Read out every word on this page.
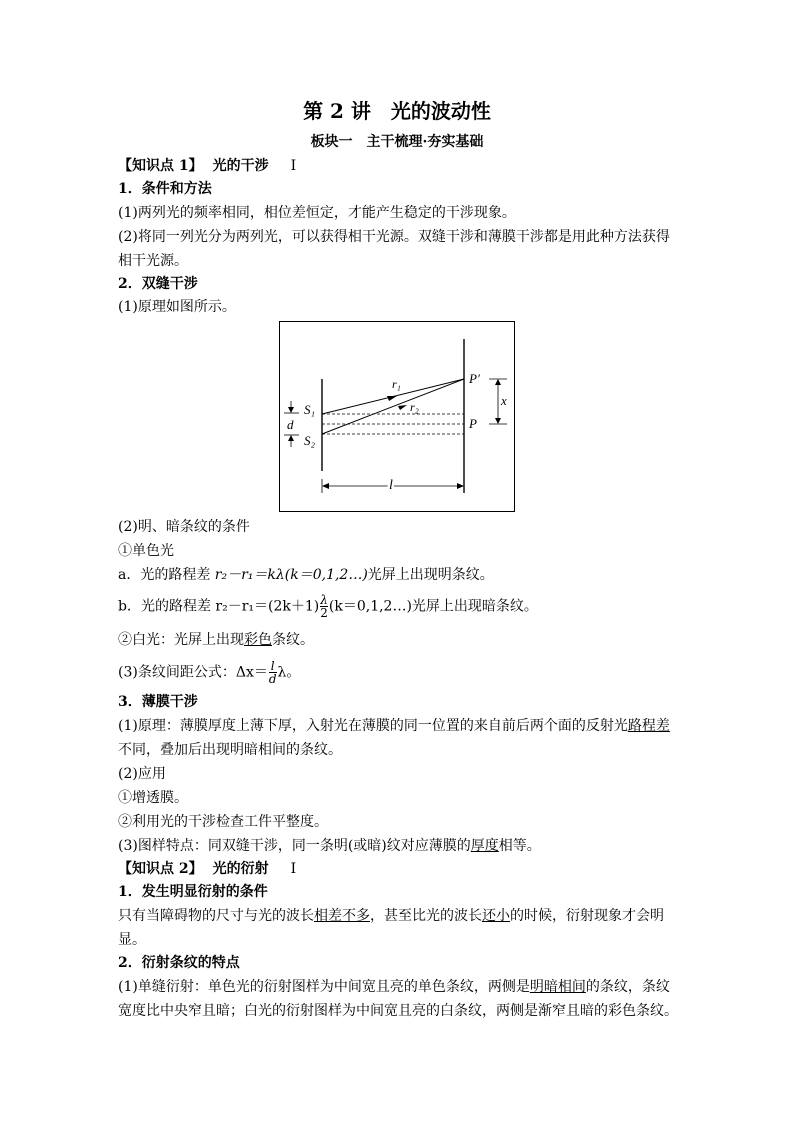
第 2 讲　光的波动性
板块一　主干梳理·夯实基础
【知识点 1】 光的干涉 Ⅰ
1．条件和方法
(1)两列光的频率相同，相位差恒定，才能产生稳定的干涉现象。
(2)将同一列光分为两列光，可以获得相干光源。双缝干涉和薄膜干涉都是用此种方法获得
相干光源。
2．双缝干涉
(1)原理如图所示。
r₁
r₂
S₁
S₂
d
P′
P
x
l
(2)明、暗条纹的条件
①单色光
a．光的路程差 r₂－r₁＝kλ(k＝0,1,2…)光屏上出现明条纹。
b．光的路程差 $r_2-r_1=(2k+1) \frac{\lambda}{2}$ (k＝0,1,2…)光屏上出现暗条纹。
②白光：光屏上出现彩色条纹。
(3)条纹间距公式：$\Delta x= \frac{l}{d}$ λ。
3．薄膜干涉
(1)原理：薄膜厚度上薄下厚，入射光在薄膜的同一位置的来自前后两个面的反射光路程差
不同，叠加后出现明暗相间的条纹。
(2)应用
①增透膜。
②利用光的干涉检查工件平整度。
(3)图样特点：同双缝干涉，同一条明(或暗)纹对应薄膜的厚度相等。
【知识点 2】 光的衍射 Ⅰ
1．发生明显衍射的条件
只有当障碍物的尺寸与光的波长相差不多，甚至比光的波长还小的时候，衍射现象才会明
显。
2．衍射条纹的特点
(1)单缝衍射：单色光的衍射图样为中间宽且亮的单色条纹，两侧是明暗相间的条纹，条纹
宽度比中央窄且暗；白光的衍射图样为中间宽且亮的白条纹，两侧是渐窄且暗的彩色条纹。
